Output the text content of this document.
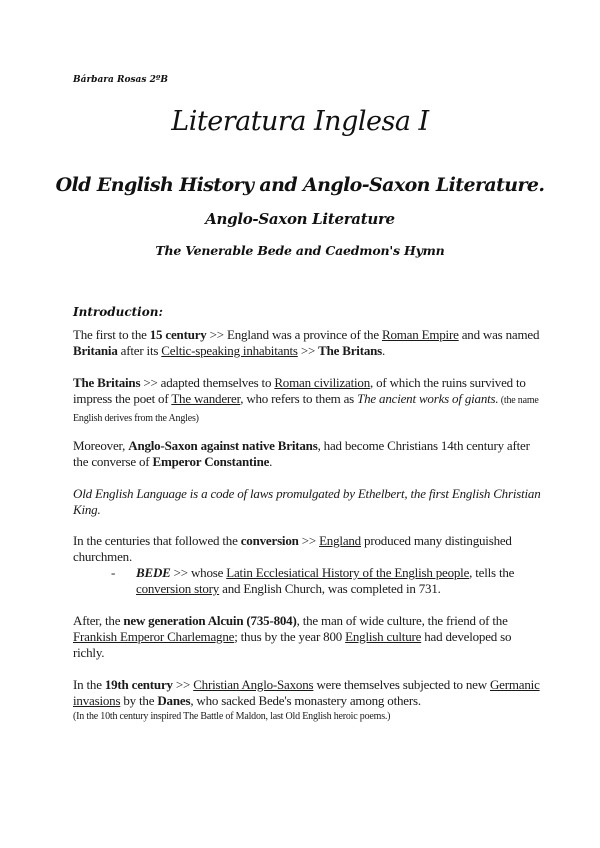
Bárbara Rosas 2ºB
Literatura Inglesa I
Old English History and Anglo-Saxon Literature.
Anglo-Saxon Literature
The Venerable Bede and Caedmon's Hymn
Introduction:
The first to the 15 century >> England was a province of the Roman Empire and was named Britania after its Celtic-speaking inhabitants >> The Britans.
The Britains >> adapted themselves to Roman civilization, of which the ruins survived to impress the poet of The wanderer, who refers to them as The ancient works of giants. (the name English derives from the Angles)
Moreover, Anglo-Saxon against native Britans, had become Christians 14th century after the converse of Emperor Constantine.
Old English Language is a code of laws promulgated by Ethelbert, the first English Christian King.
In the centuries that followed the conversion >> England produced many distinguished churchmen.
- BEDE >> whose Latin Ecclesiatical History of the English people, tells the conversion story and English Church, was completed in 731.
After, the new generation Alcuin (735-804), the man of wide culture, the friend of the Frankish Emperor Charlemagne; thus by the year 800 English culture had developed so richly.
In the 19th century >> Christian Anglo-Saxons were themselves subjected to new Germanic invasions by the Danes, who sacked Bede's monastery among others.
(In the 10th century inspired The Battle of Maldon, last Old English heroic poems.)
